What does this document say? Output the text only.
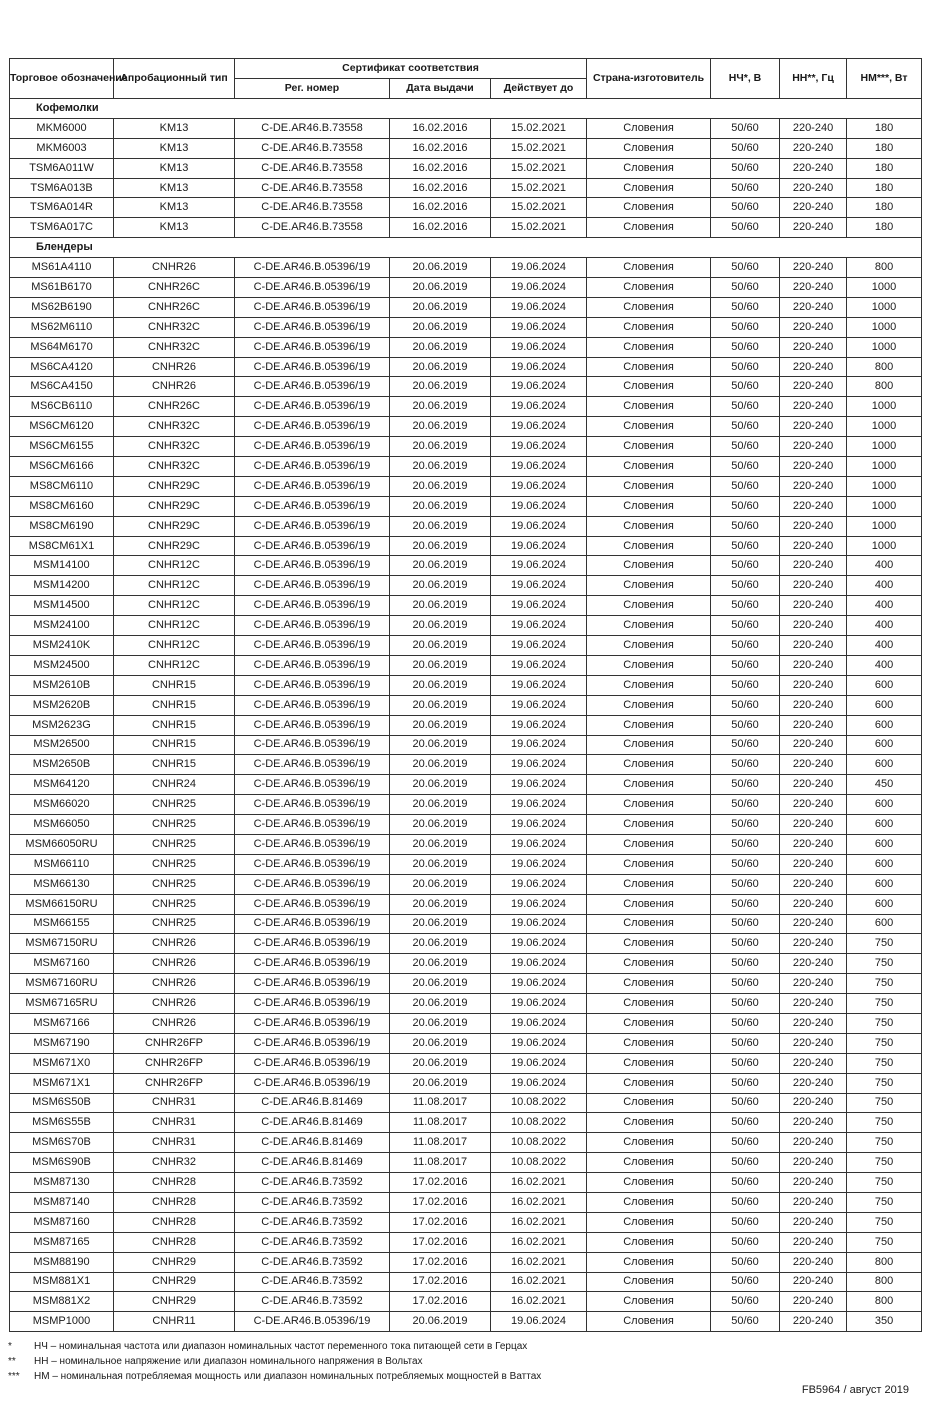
Торговое обозначение	Апробационный тип	Сертификат соответствия			Страна-изготовитель	НЧ*, В	НН**, Гц	НМ***, Вт
		Рег. номер	Дата выдачи	Действует до				
Кофемолки								
MKM6000	KM13	C-DE.AR46.B.73558	16.02.2016	15.02.2021	Словения	50/60	220-240	180
MKM6003	KM13	C-DE.AR46.B.73558	16.02.2016	15.02.2021	Словения	50/60	220-240	180
TSM6A011W	KM13	C-DE.AR46.B.73558	16.02.2016	15.02.2021	Словения	50/60	220-240	180
TSM6A013B	KM13	C-DE.AR46.B.73558	16.02.2016	15.02.2021	Словения	50/60	220-240	180
TSM6A014R	KM13	C-DE.AR46.B.73558	16.02.2016	15.02.2021	Словения	50/60	220-240	180
TSM6A017C	KM13	C-DE.AR46.B.73558	16.02.2016	15.02.2021	Словения	50/60	220-240	180
Блендеры								
MS61A4110	CNHR26	C-DE.AR46.B.05396/19	20.06.2019	19.06.2024	Словения	50/60	220-240	800
MS61B6170	CNHR26C	C-DE.AR46.B.05396/19	20.06.2019	19.06.2024	Словения	50/60	220-240	1000
MS62B6190	CNHR26C	C-DE.AR46.B.05396/19	20.06.2019	19.06.2024	Словения	50/60	220-240	1000
MS62M6110	CNHR32C	C-DE.AR46.B.05396/19	20.06.2019	19.06.2024	Словения	50/60	220-240	1000
MS64M6170	CNHR32C	C-DE.AR46.B.05396/19	20.06.2019	19.06.2024	Словения	50/60	220-240	1000
MS6CA4120	CNHR26	C-DE.AR46.B.05396/19	20.06.2019	19.06.2024	Словения	50/60	220-240	800
MS6CA4150	CNHR26	C-DE.AR46.B.05396/19	20.06.2019	19.06.2024	Словения	50/60	220-240	800
MS6CB6110	CNHR26C	C-DE.AR46.B.05396/19	20.06.2019	19.06.2024	Словения	50/60	220-240	1000
MS6CM6120	CNHR32C	C-DE.AR46.B.05396/19	20.06.2019	19.06.2024	Словения	50/60	220-240	1000
MS6CM6155	CNHR32C	C-DE.AR46.B.05396/19	20.06.2019	19.06.2024	Словения	50/60	220-240	1000
MS6CM6166	CNHR32C	C-DE.AR46.B.05396/19	20.06.2019	19.06.2024	Словения	50/60	220-240	1000
MS8CM6110	CNHR29C	C-DE.AR46.B.05396/19	20.06.2019	19.06.2024	Словения	50/60	220-240	1000
MS8CM6160	CNHR29C	C-DE.AR46.B.05396/19	20.06.2019	19.06.2024	Словения	50/60	220-240	1000
MS8CM6190	CNHR29C	C-DE.AR46.B.05396/19	20.06.2019	19.06.2024	Словения	50/60	220-240	1000
MS8CM61X1	CNHR29C	C-DE.AR46.B.05396/19	20.06.2019	19.06.2024	Словения	50/60	220-240	1000
MSM14100	CNHR12C	C-DE.AR46.B.05396/19	20.06.2019	19.06.2024	Словения	50/60	220-240	400
MSM14200	CNHR12C	C-DE.AR46.B.05396/19	20.06.2019	19.06.2024	Словения	50/60	220-240	400
MSM14500	CNHR12C	C-DE.AR46.B.05396/19	20.06.2019	19.06.2024	Словения	50/60	220-240	400
MSM24100	CNHR12C	C-DE.AR46.B.05396/19	20.06.2019	19.06.2024	Словения	50/60	220-240	400
MSM2410K	CNHR12C	C-DE.AR46.B.05396/19	20.06.2019	19.06.2024	Словения	50/60	220-240	400
MSM24500	CNHR12C	C-DE.AR46.B.05396/19	20.06.2019	19.06.2024	Словения	50/60	220-240	400
MSM2610B	CNHR15	C-DE.AR46.B.05396/19	20.06.2019	19.06.2024	Словения	50/60	220-240	600
MSM2620B	CNHR15	C-DE.AR46.B.05396/19	20.06.2019	19.06.2024	Словения	50/60	220-240	600
MSM2623G	CNHR15	C-DE.AR46.B.05396/19	20.06.2019	19.06.2024	Словения	50/60	220-240	600
MSM26500	CNHR15	C-DE.AR46.B.05396/19	20.06.2019	19.06.2024	Словения	50/60	220-240	600
MSM2650B	CNHR15	C-DE.AR46.B.05396/19	20.06.2019	19.06.2024	Словения	50/60	220-240	600
MSM64120	CNHR24	C-DE.AR46.B.05396/19	20.06.2019	19.06.2024	Словения	50/60	220-240	450
MSM66020	CNHR25	C-DE.AR46.B.05396/19	20.06.2019	19.06.2024	Словения	50/60	220-240	600
MSM66050	CNHR25	C-DE.AR46.B.05396/19	20.06.2019	19.06.2024	Словения	50/60	220-240	600
MSM66050RU	CNHR25	C-DE.AR46.B.05396/19	20.06.2019	19.06.2024	Словения	50/60	220-240	600
MSM66110	CNHR25	C-DE.AR46.B.05396/19	20.06.2019	19.06.2024	Словения	50/60	220-240	600
MSM66130	CNHR25	C-DE.AR46.B.05396/19	20.06.2019	19.06.2024	Словения	50/60	220-240	600
MSM66150RU	CNHR25	C-DE.AR46.B.05396/19	20.06.2019	19.06.2024	Словения	50/60	220-240	600
MSM66155	CNHR25	C-DE.AR46.B.05396/19	20.06.2019	19.06.2024	Словения	50/60	220-240	600
MSM67150RU	CNHR26	C-DE.AR46.B.05396/19	20.06.2019	19.06.2024	Словения	50/60	220-240	750
MSM67160	CNHR26	C-DE.AR46.B.05396/19	20.06.2019	19.06.2024	Словения	50/60	220-240	750
MSM67160RU	CNHR26	C-DE.AR46.B.05396/19	20.06.2019	19.06.2024	Словения	50/60	220-240	750
MSM67165RU	CNHR26	C-DE.AR46.B.05396/19	20.06.2019	19.06.2024	Словения	50/60	220-240	750
MSM67166	CNHR26	C-DE.AR46.B.05396/19	20.06.2019	19.06.2024	Словения	50/60	220-240	750
MSM67190	CNHR26FP	C-DE.AR46.B.05396/19	20.06.2019	19.06.2024	Словения	50/60	220-240	750
MSM671X0	CNHR26FP	C-DE.AR46.B.05396/19	20.06.2019	19.06.2024	Словения	50/60	220-240	750
MSM671X1	CNHR26FP	C-DE.AR46.B.05396/19	20.06.2019	19.06.2024	Словения	50/60	220-240	750
MSM6S50B	CNHR31	C-DE.AR46.B.81469	11.08.2017	10.08.2022	Словения	50/60	220-240	750
MSM6S55B	CNHR31	C-DE.AR46.B.81469	11.08.2017	10.08.2022	Словения	50/60	220-240	750
MSM6S70B	CNHR31	C-DE.AR46.B.81469	11.08.2017	10.08.2022	Словения	50/60	220-240	750
MSM6S90B	CNHR32	C-DE.AR46.B.81469	11.08.2017	10.08.2022	Словения	50/60	220-240	750
MSM87130	CNHR28	C-DE.AR46.B.73592	17.02.2016	16.02.2021	Словения	50/60	220-240	750
MSM87140	CNHR28	C-DE.AR46.B.73592	17.02.2016	16.02.2021	Словения	50/60	220-240	750
MSM87160	CNHR28	C-DE.AR46.B.73592	17.02.2016	16.02.2021	Словения	50/60	220-240	750
MSM87165	CNHR28	C-DE.AR46.B.73592	17.02.2016	16.02.2021	Словения	50/60	220-240	750
MSM88190	CNHR29	C-DE.AR46.B.73592	17.02.2016	16.02.2021	Словения	50/60	220-240	800
MSM881X1	CNHR29	C-DE.AR46.B.73592	17.02.2016	16.02.2021	Словения	50/60	220-240	800
MSM881X2	CNHR29	C-DE.AR46.B.73592	17.02.2016	16.02.2021	Словения	50/60	220-240	800
MSMP1000	CNHR11	C-DE.AR46.B.05396/19	20.06.2019	19.06.2024	Словения	50/60	220-240	350
*	НЧ – номинальная частота или диапазон номинальных частот переменного тока питающей сети в Герцах
**	НН – номинальное напряжение или диапазон номинального напряжения в Вольтах
***	НМ – номинальная потребляемая мощность или диапазон номинальных потребляемых мощностей в Ваттах
FB5964 / август 2019
